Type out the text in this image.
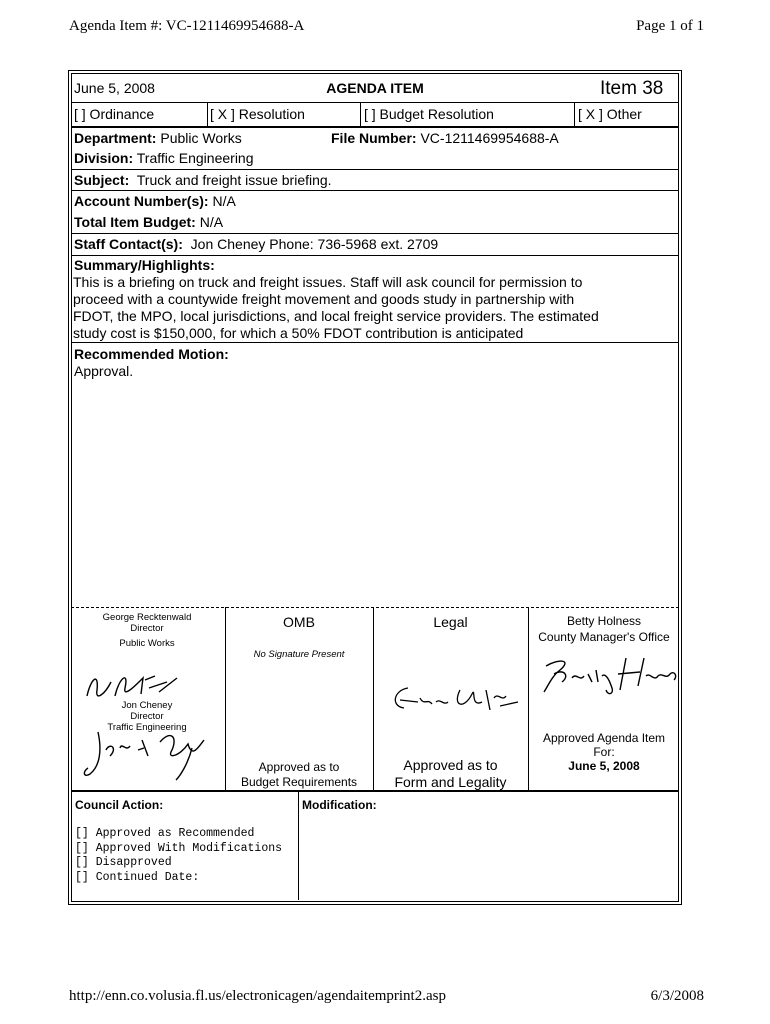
Agenda Item #: VC-1211469954688-A	Page 1 of 1
http://enn.co.volusia.fl.us/electronicagen/agendaitemprint2.asp	6/3/2008
June 5, 2008	AGENDA ITEM	Item 38
[ ] Ordinance	[ X ] Resolution	[ ] Budget Resolution	[ X ] Other
Department: Public Works	File Number: VC-1211469954688-A
Division: Traffic Engineering
Subject: Truck and freight issue briefing.
Account Number(s): N/A
Total Item Budget: N/A
Staff Contact(s): Jon Cheney Phone: 736-5968 ext. 2709
Summary/Highlights:
This is a briefing on truck and freight issues. Staff will ask council for permission to
proceed with a countywide freight movement and goods study in partnership with
FDOT, the MPO, local jurisdictions, and local freight service providers. The estimated
study cost is $150,000, for which a 50% FDOT contribution is anticipated
Recommended Motion:
Approval.
George Recktenwald
Director
Public Works
Jon Cheney
Director
Traffic Engineering
OMB
No Signature Present
Approved as to
Budget Requirements
Legal
Approved as to
Form and Legality
Betty Holness
County Manager's Office
Approved Agenda Item
For:
June 5, 2008
Council Action:	Modification:
[] Approved as Recommended
[] Approved With Modifications
[] Disapproved
[] Continued Date:
